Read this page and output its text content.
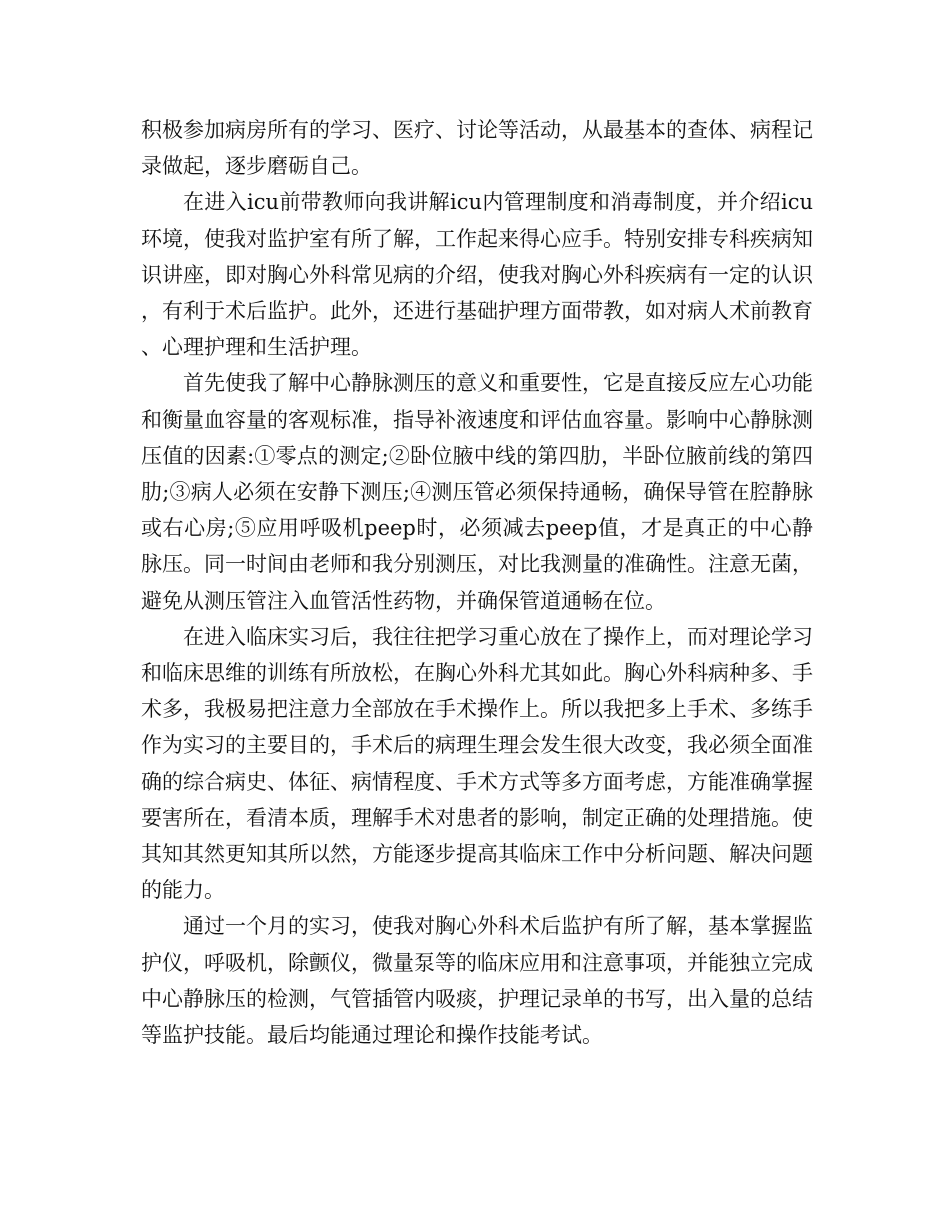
积极参加病房所有的学习、医疗、讨论等活动，从最基本的查体、病程记录做起，逐步磨砺自己。

在进入icu前带教师向我讲解icu内管理制度和消毒制度，并介绍icu环境，使我对监护室有所了解，工作起来得心应手。特别安排专科疾病知识讲座，即对胸心外科常见病的介绍，使我对胸心外科疾病有一定的认识，有利于术后监护。此外，还进行基础护理方面带教，如对病人术前教育、心理护理和生活护理。

首先使我了解中心静脉测压的意义和重要性，它是直接反应左心功能和衡量血容量的客观标准，指导补液速度和评估血容量。影响中心静脉测压值的因素:①零点的测定;②卧位腋中线的第四肋，半卧位腋前线的第四肋;③病人必须在安静下测压;④测压管必须保持通畅，确保导管在腔静脉或右心房;⑤应用呼吸机peep时，必须减去peep值，才是真正的中心静脉压。同一时间由老师和我分别测压，对比我测量的准确性。注意无菌，避免从测压管注入血管活性药物，并确保管道通畅在位。

在进入临床实习后，我往往把学习重心放在了操作上，而对理论学习和临床思维的训练有所放松，在胸心外科尤其如此。胸心外科病种多、手术多，我极易把注意力全部放在手术操作上。所以我把多上手术、多练手作为实习的主要目的，手术后的病理生理会发生很大改变，我必须全面准确的综合病史、体征、病情程度、手术方式等多方面考虑，方能准确掌握要害所在，看清本质，理解手术对患者的影响，制定正确的处理措施。使其知其然更知其所以然，方能逐步提高其临床工作中分析问题、解决问题的能力。

通过一个月的实习，使我对胸心外科术后监护有所了解，基本掌握监护仪，呼吸机，除颤仪，微量泵等的临床应用和注意事项，并能独立完成中心静脉压的检测，气管插管内吸痰，护理记录单的书写，出入量的总结等监护技能。最后均能通过理论和操作技能考试。
